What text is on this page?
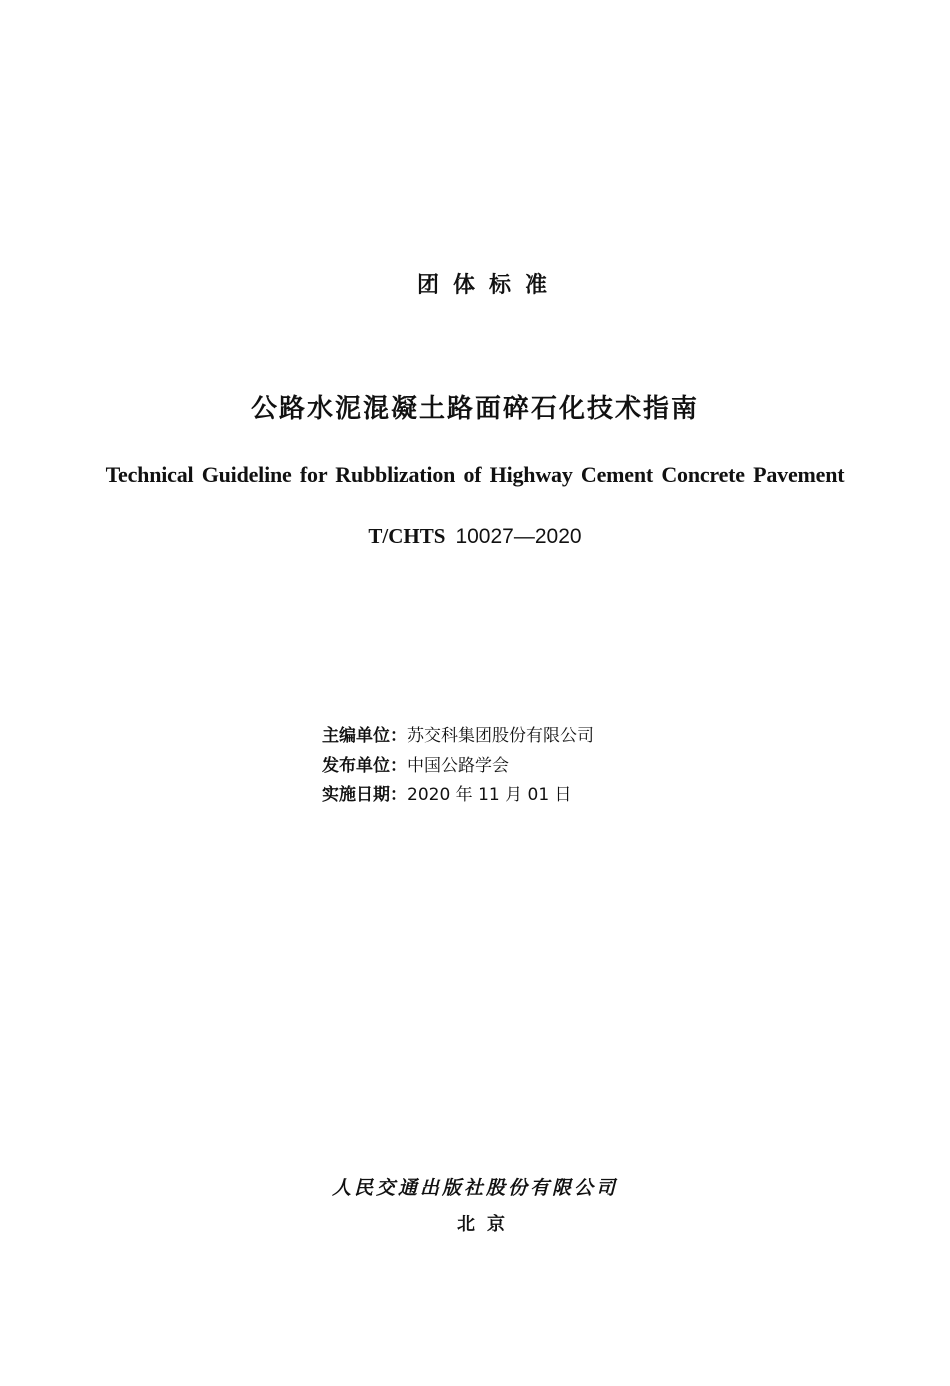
团体标准
公路水泥混凝土路面碎石化技术指南
Technical Guideline for Rubblization of Highway Cement Concrete Pavement
T/CHTS 10027—2020
主编单位：苏交科集团股份有限公司
发布单位：中国公路学会
实施日期：2020 年 11 月 01 日
人民交通出版社股份有限公司
北京
